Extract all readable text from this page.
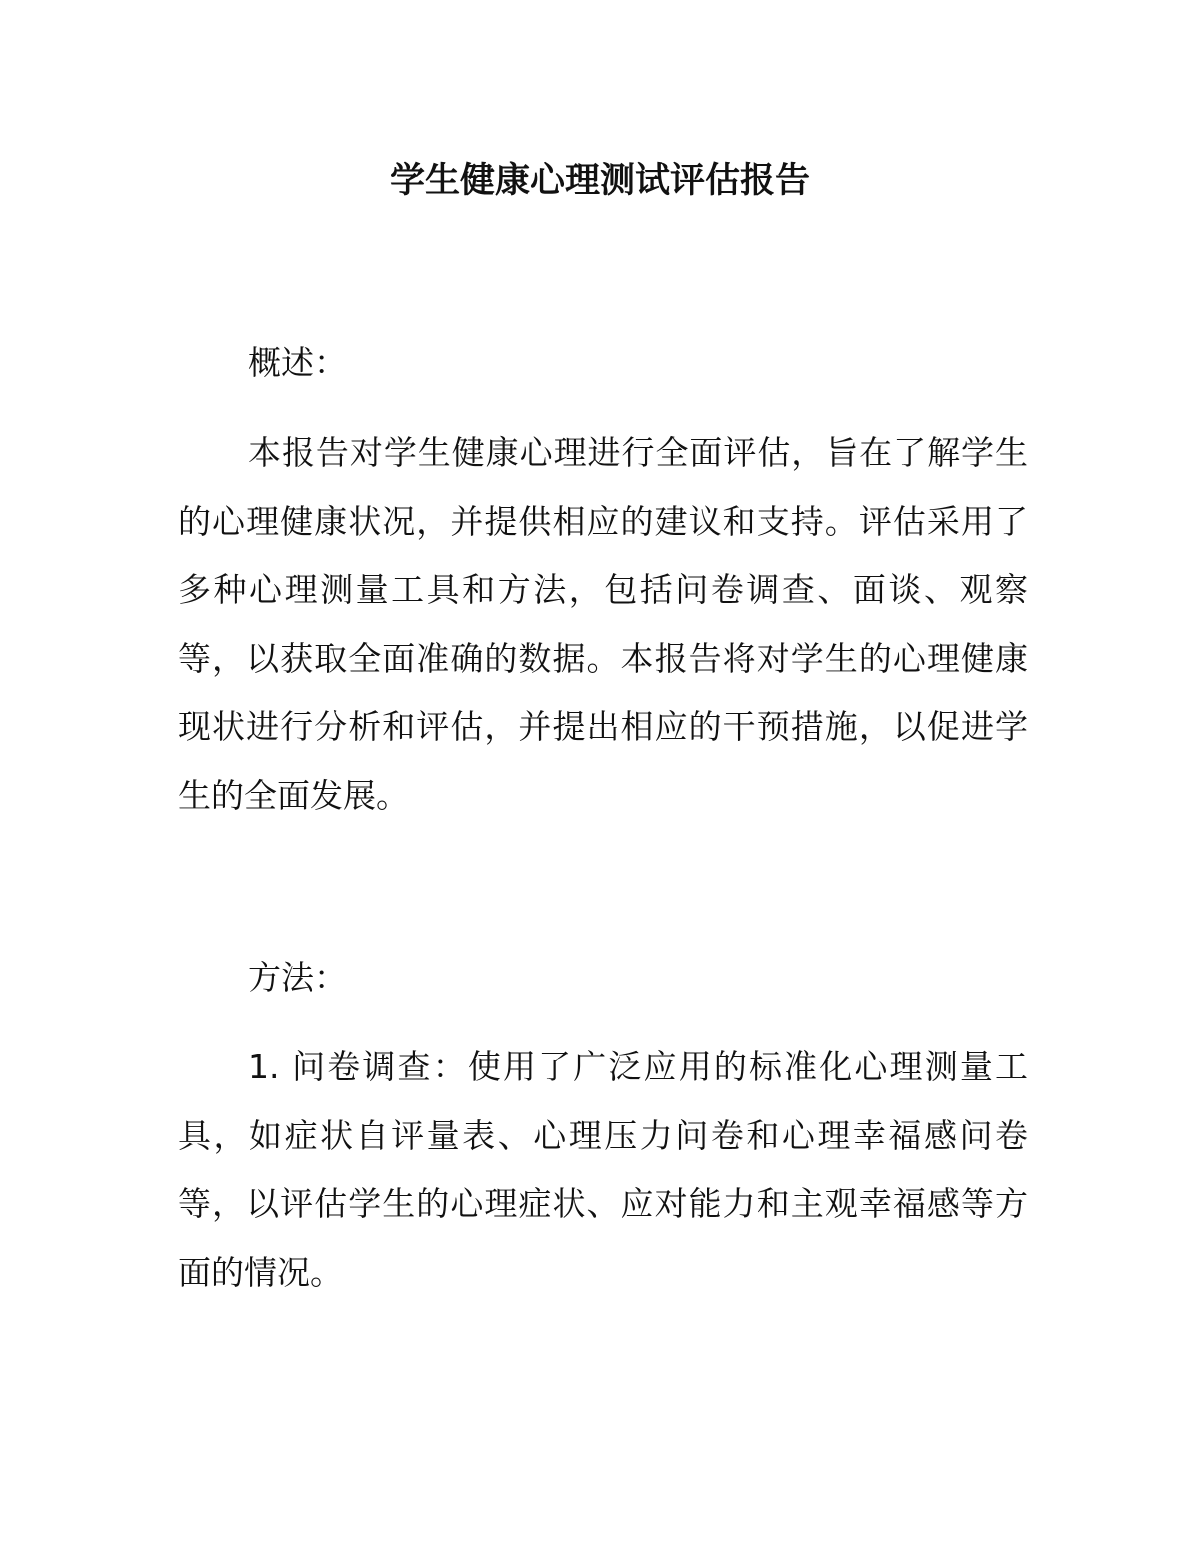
学生健康心理测试评估报告
概述：

本报告对学生健康心理进行全面评估，旨在了解学生的心理健康状况，并提供相应的建议和支持。评估采用了多种心理测量工具和方法，包括问卷调查、面谈、观察等，以获取全面准确的数据。本报告将对学生的心理健康现状进行分析和评估，并提出相应的干预措施，以促进学生的全面发展。

方法：

1. 问卷调查：使用了广泛应用的标准化心理测量工具，如症状自评量表、心理压力问卷和心理幸福感问卷等，以评估学生的心理症状、应对能力和主观幸福感等方面的情况。
